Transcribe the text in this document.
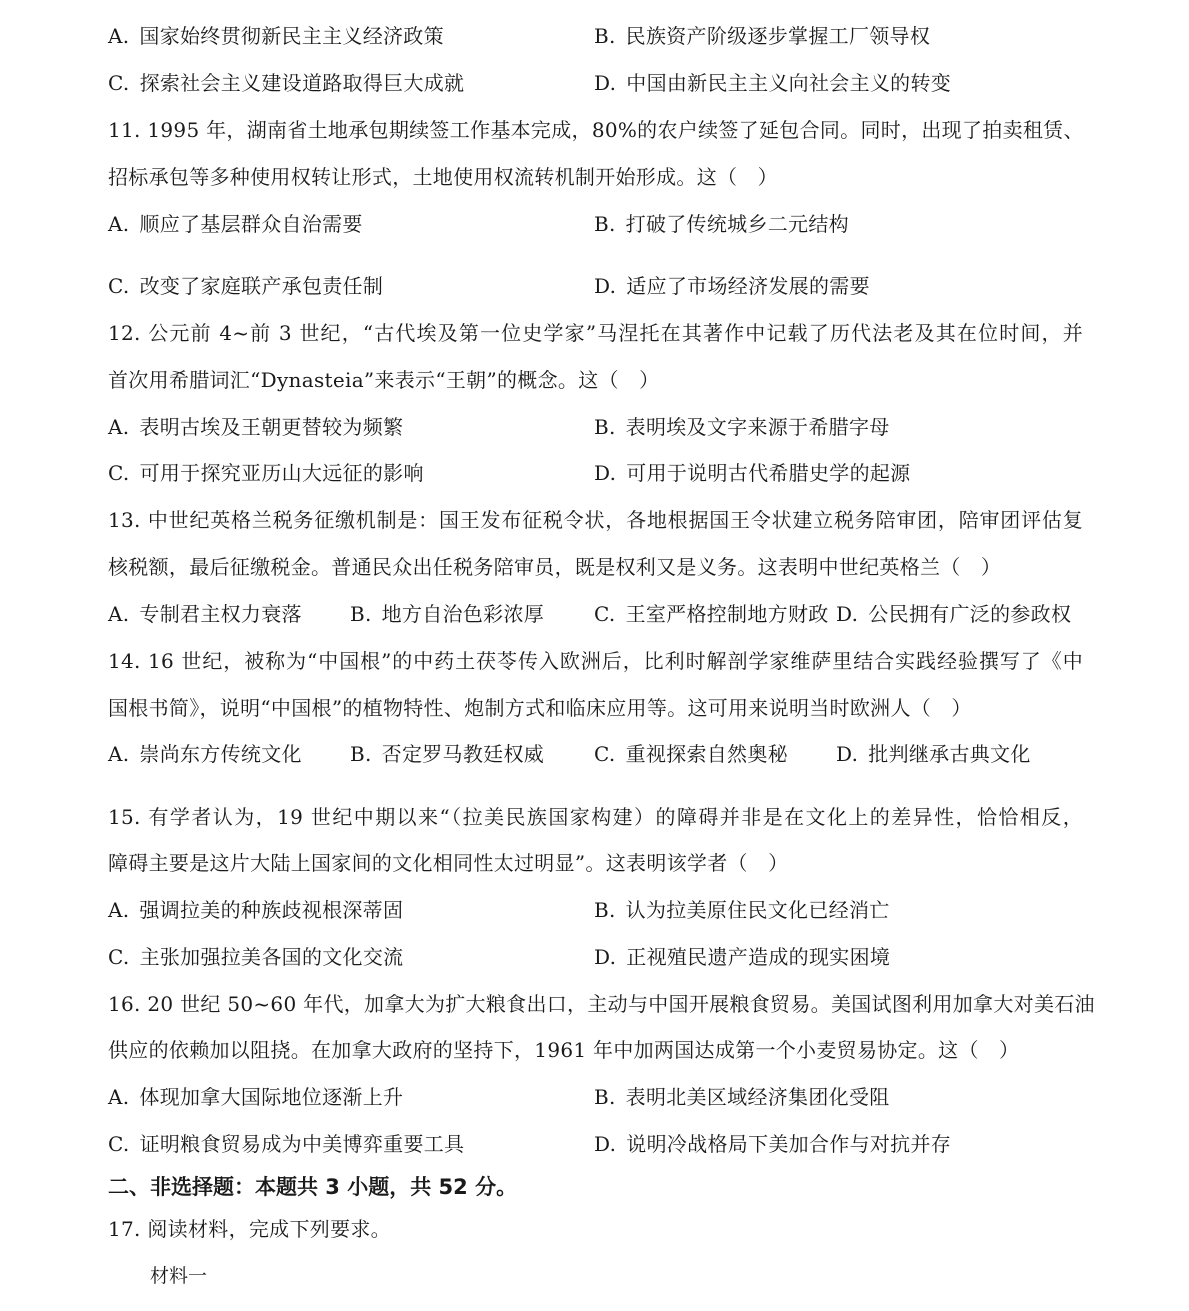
A. 国家始终贯彻新民主主义经济政策	B. 民族资产阶级逐步掌握工厂领导权
C. 探索社会主义建设道路取得巨大成就	D. 中国由新民主主义向社会主义的转变
11. 1995 年，湖南省土地承包期续签工作基本完成，80%的农户续签了延包合同。同时，出现了拍卖租赁、
招标承包等多种使用权转让形式，土地使用权流转机制开始形成。这（　）
A. 顺应了基层群众自治需要	B. 打破了传统城乡二元结构
C. 改变了家庭联产承包责任制	D. 适应了市场经济发展的需要
12. 公元前 4~前 3 世纪，“古代埃及第一位史学家”马涅托在其著作中记载了历代法老及其在位时间，并
首次用希腊词汇“Dynasteia”来表示“王朝”的概念。这（　）
A. 表明古埃及王朝更替较为频繁	B. 表明埃及文字来源于希腊字母
C. 可用于探究亚历山大远征的影响	D. 可用于说明古代希腊史学的起源
13. 中世纪英格兰税务征缴机制是：国王发布征税令状，各地根据国王令状建立税务陪审团，陪审团评估复
核税额，最后征缴税金。普通民众出任税务陪审员，既是权利又是义务。这表明中世纪英格兰（　）
A. 专制君主权力衰落 B. 地方自治色彩浓厚 C. 王室严格控制地方财政 D. 公民拥有广泛的参政权
14. 16 世纪，被称为“中国根”的中药土茯苓传入欧洲后，比利时解剖学家维萨里结合实践经验撰写了《中
国根书简》，说明“中国根”的植物特性、炮制方式和临床应用等。这可用来说明当时欧洲人（　）
A. 崇尚东方传统文化 B. 否定罗马教廷权威 C. 重视探索自然奥秘 D. 批判继承古典文化
15. 有学者认为，19 世纪中期以来“（拉美民族国家构建）的障碍并非是在文化上的差异性，恰恰相反，
障碍主要是这片大陆上国家间的文化相同性太过明显”。这表明该学者（　）
A. 强调拉美的种族歧视根深蒂固	B. 认为拉美原住民文化已经消亡
C. 主张加强拉美各国的文化交流	D. 正视殖民遗产造成的现实困境
16. 20 世纪 50~60 年代，加拿大为扩大粮食出口，主动与中国开展粮食贸易。美国试图利用加拿大对美石油
供应的依赖加以阻挠。在加拿大政府的坚持下，1961 年中加两国达成第一个小麦贸易协定。这（　）
A. 体现加拿大国际地位逐渐上升	B. 表明北美区域经济集团化受阻
C. 证明粮食贸易成为中美博弈重要工具	D. 说明冷战格局下美加合作与对抗并存
二、非选择题：本题共 3 小题，共 52 分。
17. 阅读材料，完成下列要求。
材料一
